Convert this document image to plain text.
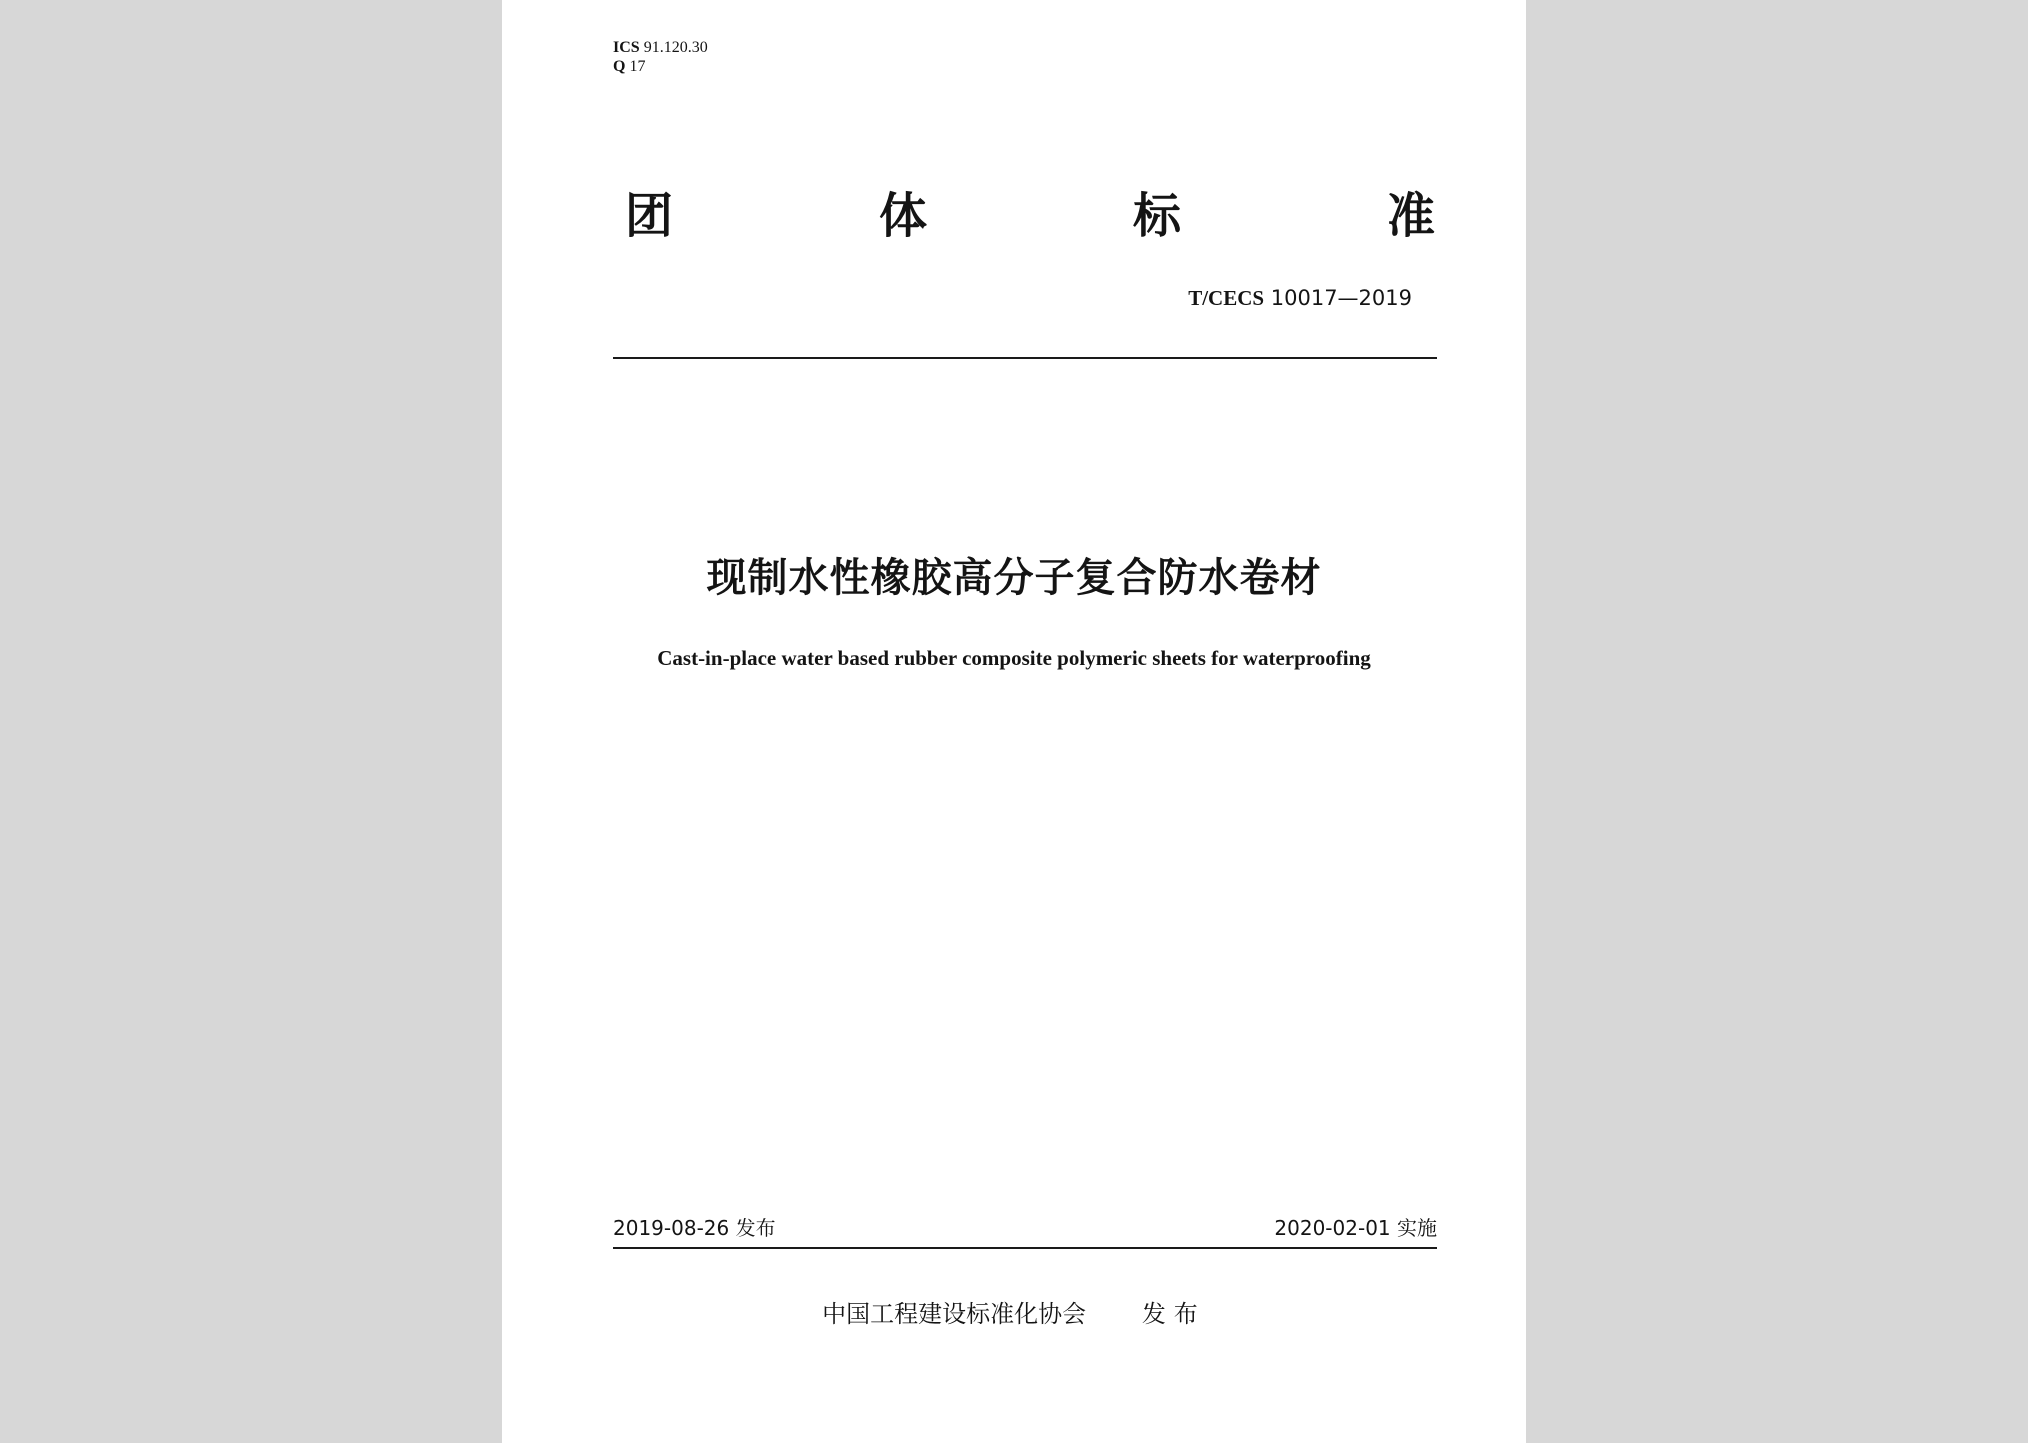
ICS 91.120.30
Q 17
团	体	标	准
T/CECS 10017—2019
现制水性橡胶高分子复合防水卷材
Cast-in-place water based rubber composite polymeric sheets for waterproofing
2019-08-26 发布	2020-02-01 实施
中国工程建设标准化协会 发布
